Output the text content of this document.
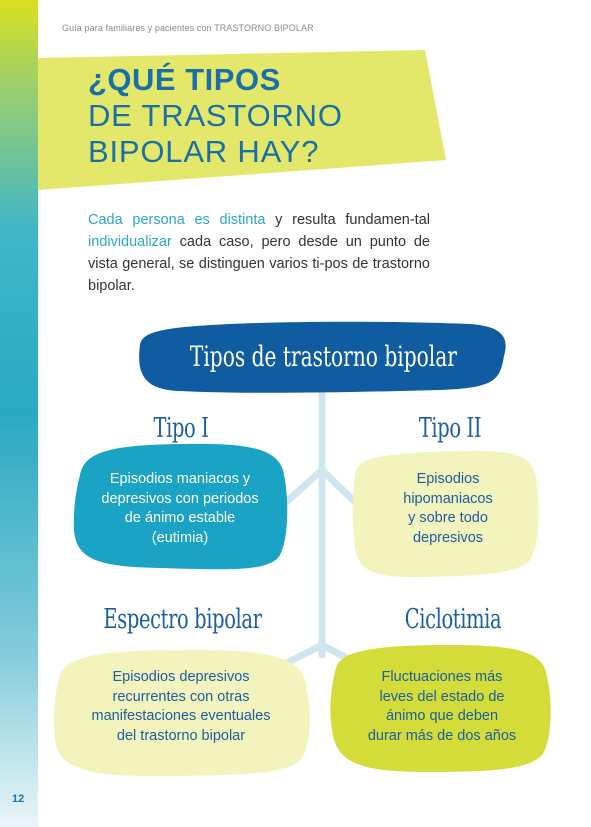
12
Guía para familiares y pacientes con TRASTORNO BIPOLAR
¿QUÉ TIPOS
DE TRASTORNO
BIPOLAR HAY?
Cada persona es distinta y resulta fundamen-tal individualizar cada caso, pero desde un punto de vista general, se distinguen varios ti-pos de trastorno bipolar.
Tipos de trastorno bipolar
Tipo I	Tipo II
Espectro bipolar	Ciclotimia
Episodios maniacos y
depresivos con periodos
de ánimo estable
(eutimia)
Episodios
hipomaniacos
y sobre todo
depresivos
Episodios depresivos
recurrentes con otras
manifestaciones eventuales
del trastorno bipolar
Fluctuaciones más
leves del estado de
ánimo que deben
durar más de dos años
